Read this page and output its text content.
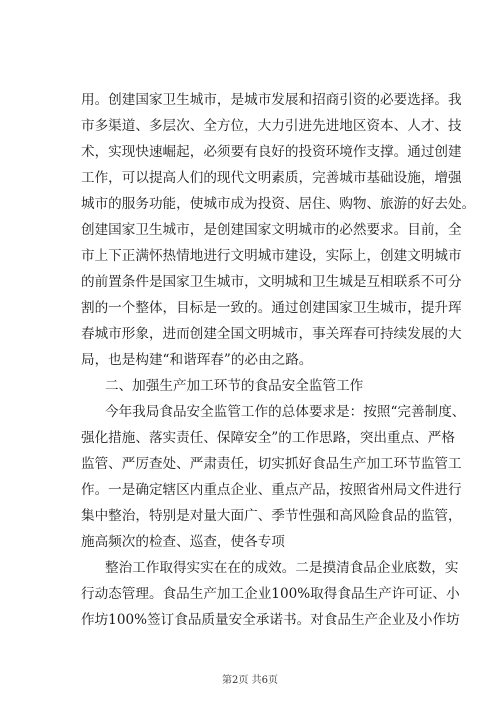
用。创建国家卫生城市，是城市发展和招商引资的必要选择。我
市多渠道、多层次、全方位，大力引进先进地区资本、人才、技
术，实现快速崛起，必须要有良好的投资环境作支撑。通过创建
工作，可以提高人们的现代文明素质，完善城市基础设施，增强
城市的服务功能，使城市成为投资、居住、购物、旅游的好去处。
创建国家卫生城市，是创建国家文明城市的必然要求。目前，全
市上下正满怀热情地进行文明城市建设，实际上，创建文明城市
的前置条件是国家卫生城市，文明城和卫生城是互相联系不可分
割的一个整体，目标是一致的。通过创建国家卫生城市，提升珲
春城市形象，进而创建全国文明城市，事关珲春可持续发展的大
局，也是构建“和谐珲春”的必由之路。
二、加强生产加工环节的食品安全监管工作
今年我局食品安全监管工作的总体要求是：按照“完善制度、
强化措施、落实责任、保障安全”的工作思路，突出重点、严格
监管、严厉查处、严肃责任，切实抓好食品生产加工环节监管工
作。一是确定辖区内重点企业、重点产品，按照省州局文件进行
集中整治，特别是对量大面广、季节性强和高风险食品的监管，
施高频次的检查、巡查，使各专项
整治工作取得实实在在的成效。二是摸清食品企业底数，实
行动态管理。食品生产加工企业100%取得食品生产许可证、小
作坊100%签订食品质量安全承诺书。对食品生产企业及小作坊
第2页 共6页
